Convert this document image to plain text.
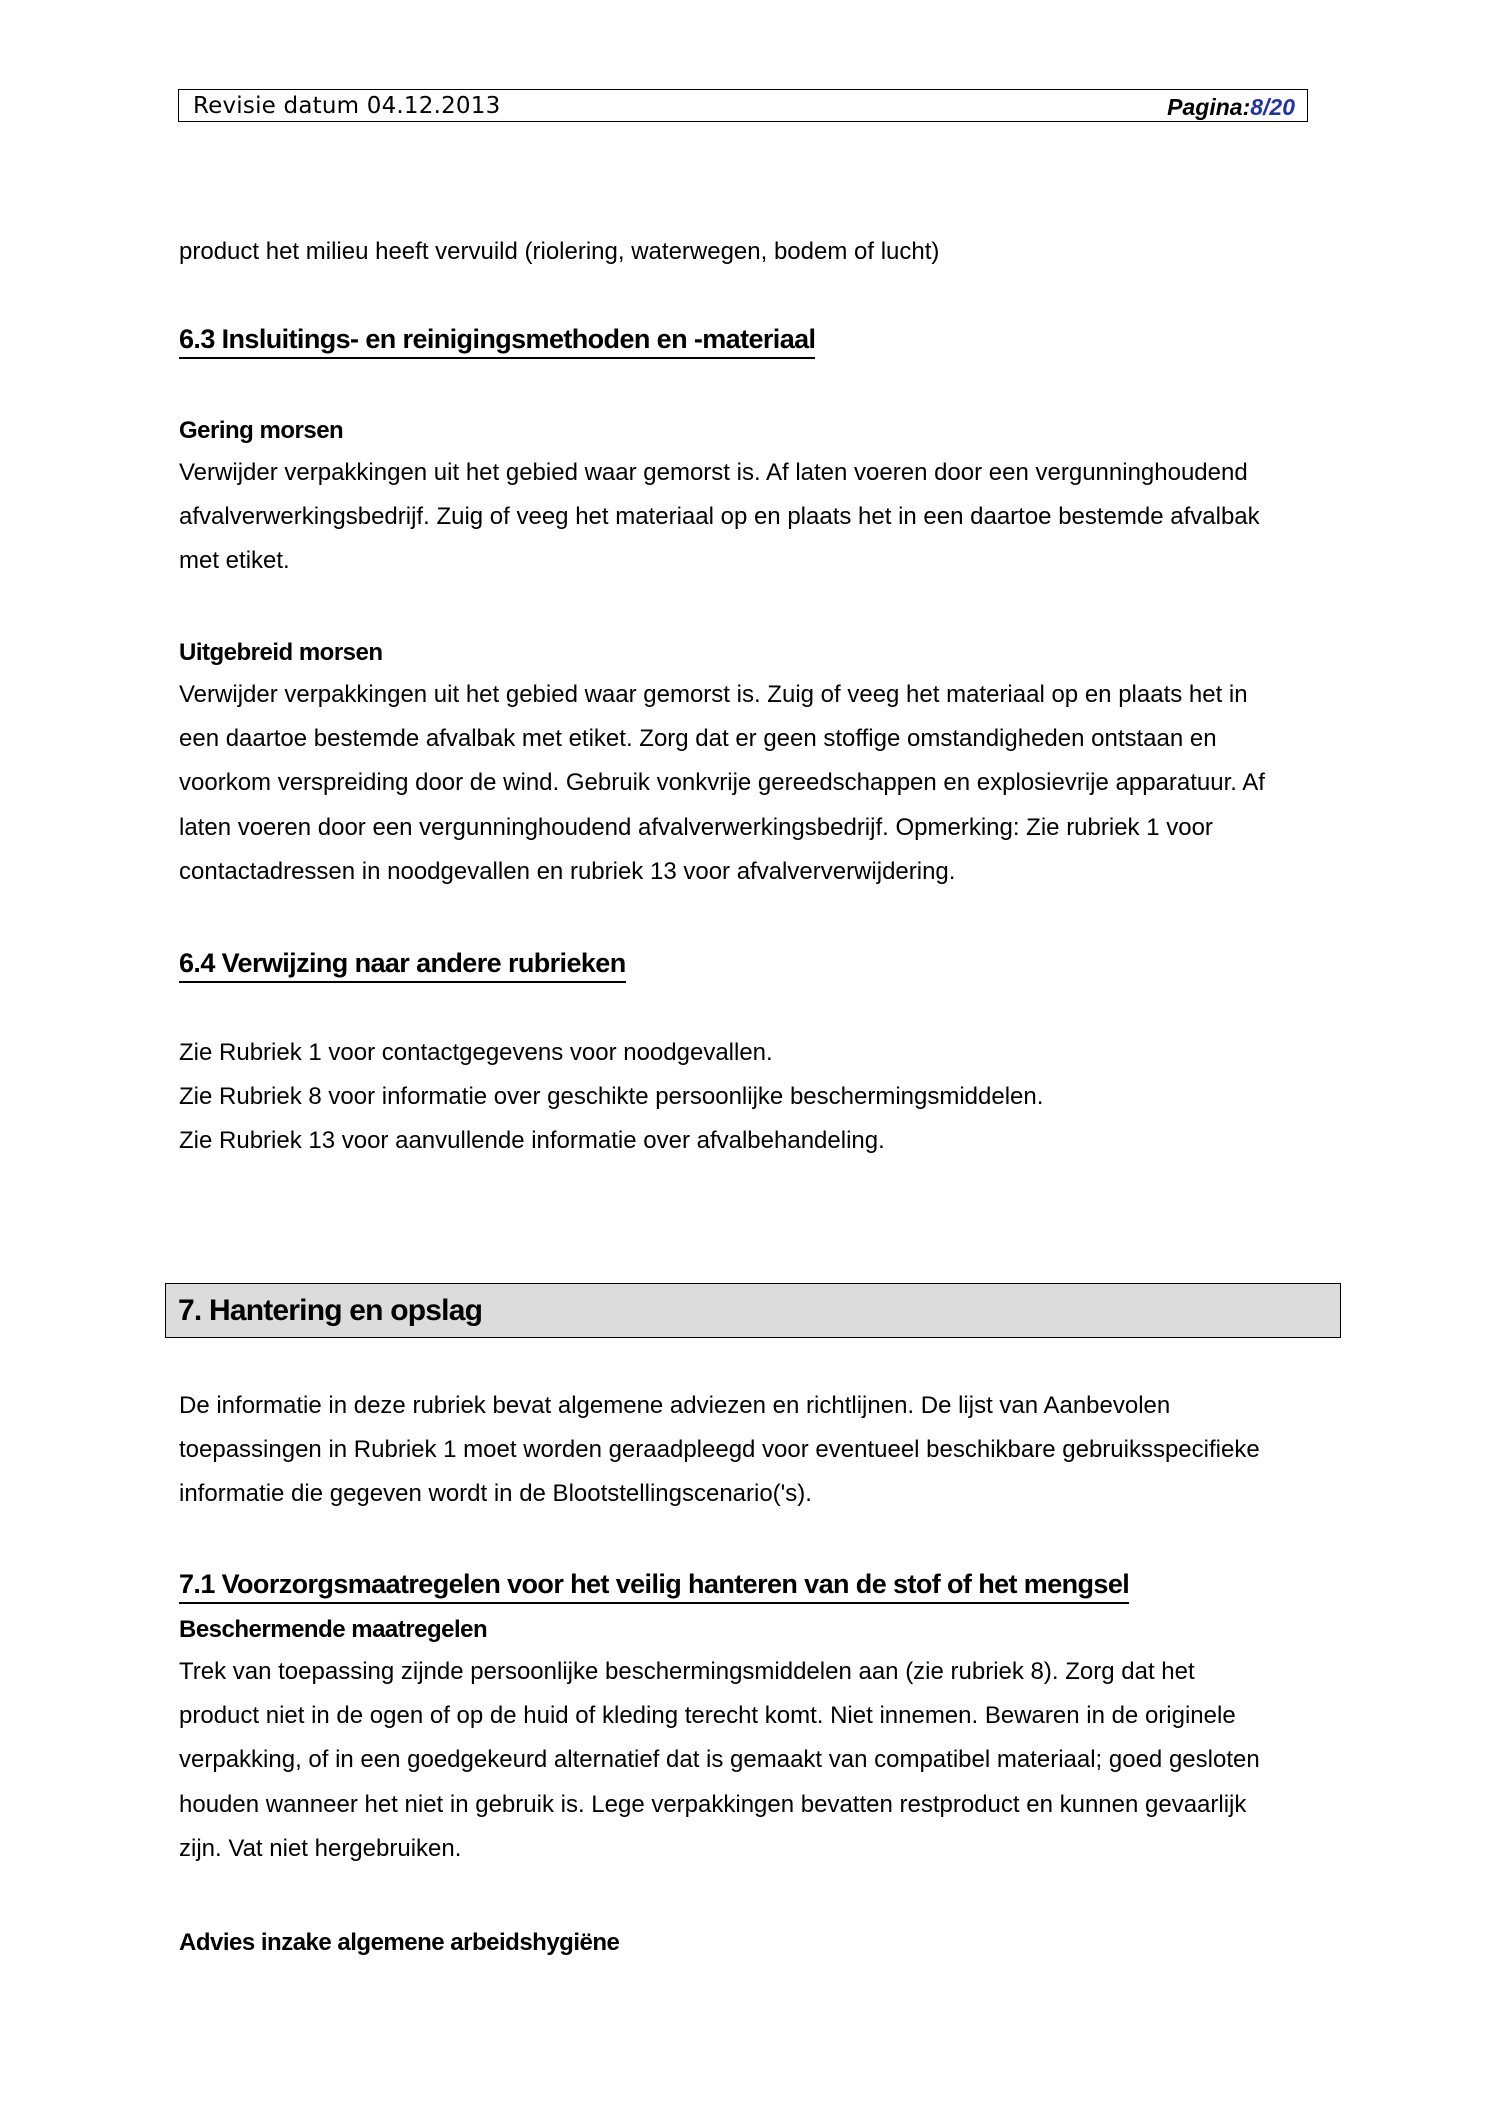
Revisie datum 04.12.2013	Pagina:8/20

product het milieu heeft vervuild (riolering, waterwegen, bodem of lucht)

6.3 Insluitings- en reinigingsmethoden en -materiaal
Gering morsen

Verwijder verpakkingen uit het gebied waar gemorst is. Af laten voeren door een vergunninghoudend
afvalverwerkingsbedrijf. Zuig of veeg het materiaal op en plaats het in een daartoe bestemde afvalbak
met etiket.

Uitgebreid morsen

Verwijder verpakkingen uit het gebied waar gemorst is. Zuig of veeg het materiaal op en plaats het in
een daartoe bestemde afvalbak met etiket. Zorg dat er geen stoffige omstandigheden ontstaan en
voorkom verspreiding door de wind. Gebruik vonkvrije gereedschappen en explosievrije apparatuur. Af
laten voeren door een vergunninghoudend afvalverwerkingsbedrijf. Opmerking: Zie rubriek 1 voor
contactadressen in noodgevallen en rubriek 13 voor afvalververwijdering.

6.4 Verwijzing naar andere rubrieken

Zie Rubriek 1 voor contactgegevens voor noodgevallen.
Zie Rubriek 8 voor informatie over geschikte persoonlijke beschermingsmiddelen.
Zie Rubriek 13 voor aanvullende informatie over afvalbehandeling.

7. Hantering en opslag

De informatie in deze rubriek bevat algemene adviezen en richtlijnen. De lijst van Aanbevolen
toepassingen in Rubriek 1 moet worden geraadpleegd voor eventueel beschikbare gebruiksspecifieke
informatie die gegeven wordt in de Blootstellingscenario('s).

7.1 Voorzorgsmaatregelen voor het veilig hanteren van de stof of het mengsel
Beschermende maatregelen

Trek van toepassing zijnde persoonlijke beschermingsmiddelen aan (zie rubriek 8). Zorg dat het
product niet in de ogen of op de huid of kleding terecht komt. Niet innemen. Bewaren in de originele
verpakking, of in een goedgekeurd alternatief dat is gemaakt van compatibel materiaal; goed gesloten
houden wanneer het niet in gebruik is. Lege verpakkingen bevatten restproduct en kunnen gevaarlijk
zijn. Vat niet hergebruiken.

Advies inzake algemene arbeidshygiëne
